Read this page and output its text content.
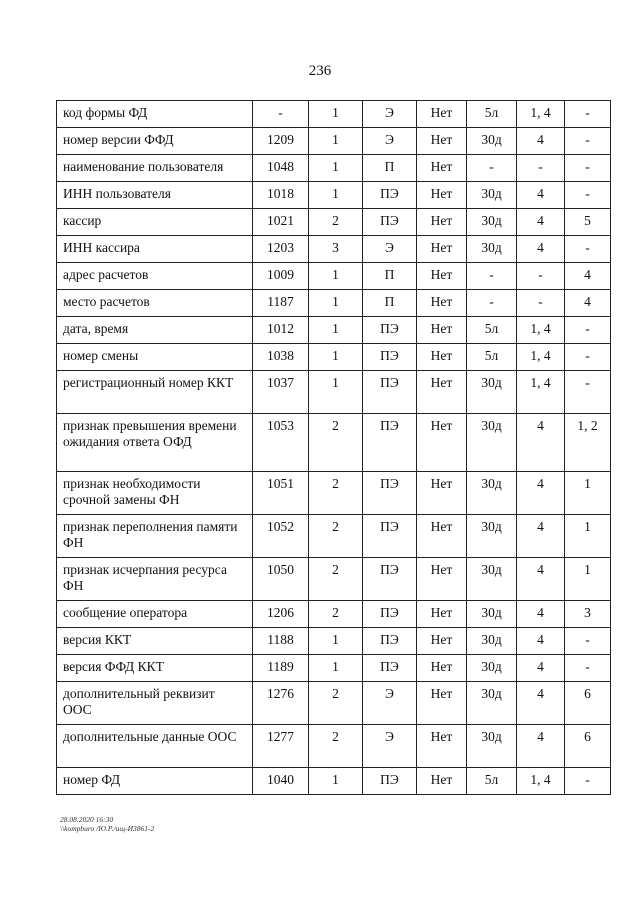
236
код формы ФД	-	1	Э	Нет	5л	1, 4	-
номер версии ФФД	1209	1	Э	Нет	30д	4	-
наименование пользователя	1048	1	П	Нет	-	-	-
ИНН пользователя	1018	1	ПЭ	Нет	30д	4	-
кассир	1021	2	ПЭ	Нет	30д	4	5
ИНН кассира	1203	3	Э	Нет	30д	4	-
адрес расчетов	1009	1	П	Нет	-	-	4
место расчетов	1187	1	П	Нет	-	-	4
дата, время	1012	1	ПЭ	Нет	5л	1, 4	-
номер смены	1038	1	ПЭ	Нет	5л	1, 4	-
регистрационный номер ККТ	1037	1	ПЭ	Нет	30д	1, 4	-
признак превышения времени ожидания ответа ОФД	1053	2	ПЭ	Нет	30д	4	1, 2
признак необходимости срочной замены ФН	1051	2	ПЭ	Нет	30д	4	1
признак переполнения памяти ФН	1052	2	ПЭ	Нет	30д	4	1
признак исчерпания ресурса ФН	1050	2	ПЭ	Нет	30д	4	1
сообщение оператора	1206	2	ПЭ	Нет	30д	4	3
версия ККТ	1188	1	ПЭ	Нет	30д	4	-
версия ФФД ККТ	1189	1	ПЭ	Нет	30д	4	-
дополнительный реквизит ООС	1276	2	Э	Нет	30д	4	6
дополнительные данные ООС	1277	2	Э	Нет	30д	4	6
номер ФД	1040	1	ПЭ	Нет	5л	1, 4	-
28.08.2020 16:30
\\kompburo /Ю.Р./ищ-И3861-2
